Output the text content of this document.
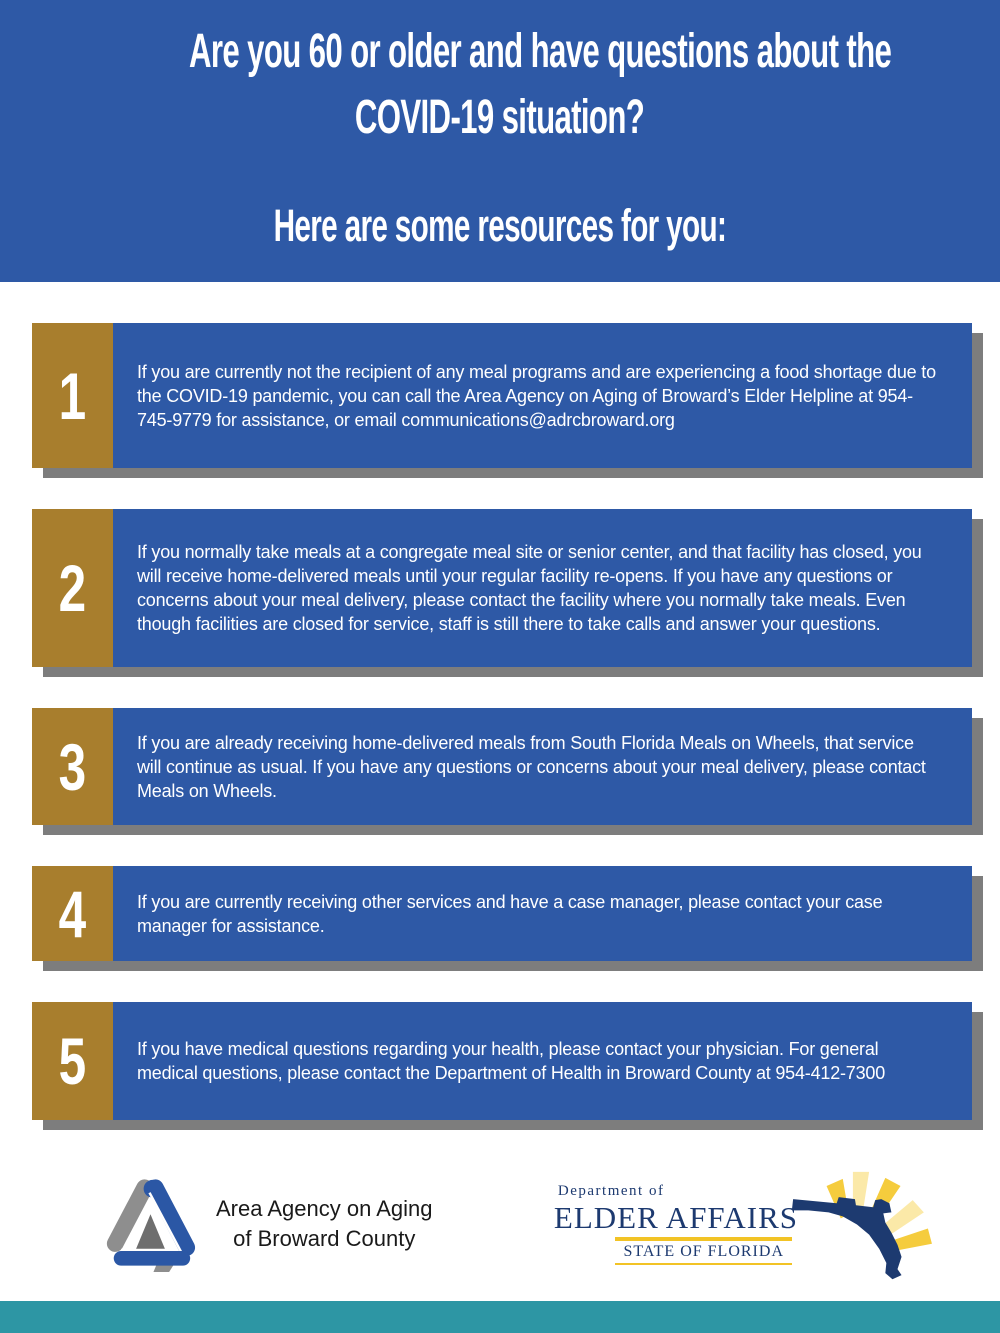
Are you 60 or older and have questions about the
COVID-19 situation?
Here are some resources for you:
1	If you are currently not the recipient of any meal programs and are experiencing a food shortage due to the COVID-19 pandemic, you can call the Area Agency on Aging of Broward’s Elder Helpline at 954-745-9779 for assistance, or email communications@adrcbroward.org

2	If you normally take meals at a congregate meal site or senior center, and that facility has closed, you will receive home-delivered meals until your regular facility re-opens. If you have any questions or concerns about your meal delivery, please contact the facility where you normally take meals. Even though facilities are closed for service, staff is still there to take calls and answer your questions.

3	If you are already receiving home-delivered meals from South Florida Meals on Wheels, that service will continue as usual. If you have any questions or concerns about your meal delivery, please contact Meals on Wheels.

4	If you are currently receiving other services and have a case manager, please contact your case manager for assistance.

5	If you have medical questions regarding your health, please contact your physician. For general medical questions, please contact the Department of Health in Broward County at 954-412-7300

Area Agency on Aging
of Broward County
Department of
ELDER AFFAIRS
STATE OF FLORIDA
